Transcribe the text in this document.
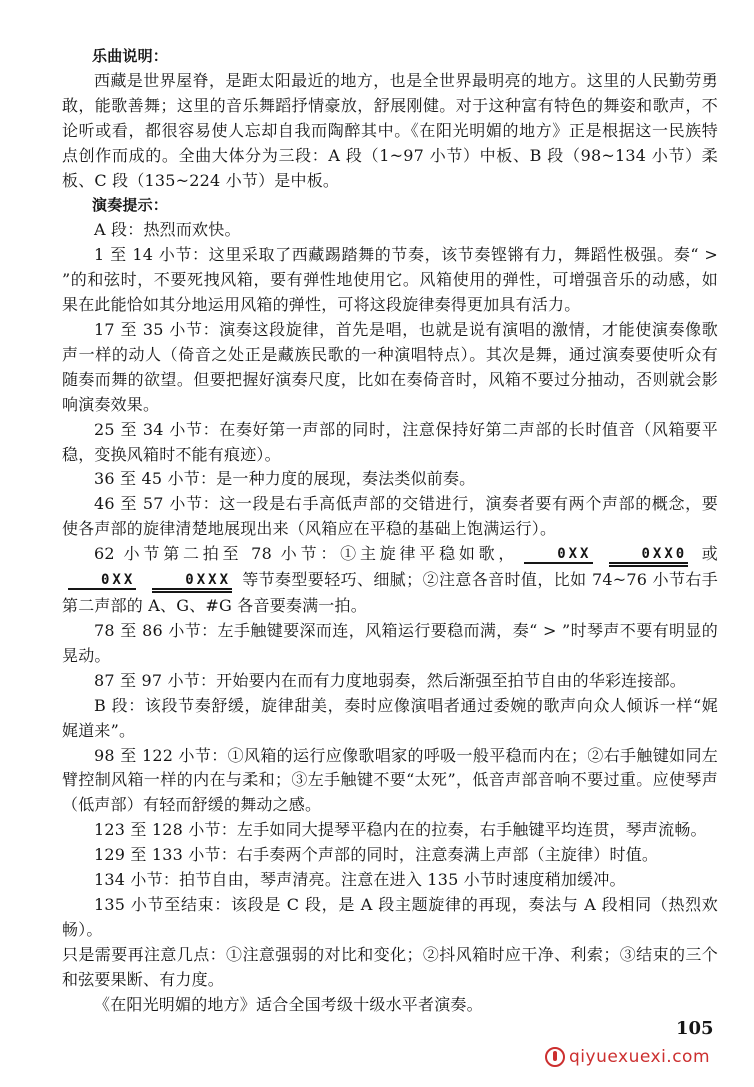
乐曲说明：

西藏是世界屋脊，是距太阳最近的地方，也是全世界最明亮的地方。这里的人民勤劳勇敢，能歌善舞；这里的音乐舞蹈抒情豪放，舒展刚健。对于这种富有特色的舞姿和歌声，不论听或看，都很容易使人忘却自我而陶醉其中。《在阳光明媚的地方》正是根据这一民族特点创作而成的。全曲大体分为三段：A 段（1~97 小节）中板、B 段（98~134 小节）柔板、C 段（135~224 小节）是中板。

演奏提示：

A 段：热烈而欢快。

1 至 14 小节：这里采取了西藏踢踏舞的节奏，该节奏铿锵有力，舞蹈性极强。奏“ > ”的和弦时，不要死拽风箱，要有弹性地使用它。风箱使用的弹性，可增强音乐的动感，如果在此能恰如其分地运用风箱的弹性，可将这段旋律奏得更加具有活力。

17 至 35 小节：演奏这段旋律，首先是唱，也就是说有演唱的激情，才能使演奏像歌声一样的动人（倚音之处正是藏族民歌的一种演唱特点）。其次是舞，通过演奏要使听众有随奏而舞的欲望。但要把握好演奏尺度，比如在奏倚音时，风箱不要过分抽动，否则就会影响演奏效果。

25 至 34 小节：在奏好第一声部的同时，注意保持好第二声部的长时值音（风箱要平稳，变换风箱时不能有痕迹）。

36 至 45 小节：是一种力度的展现，奏法类似前奏。

46 至 57 小节：这一段是右手高低声部的交错进行，演奏者要有两个声部的概念，要使各声部的旋律清楚地展现出来（风箱应在平稳的基础上饱满运行）。

62 小节第二拍至 78 小节：①主旋律平稳如歌，	0XX	0XX0 或0XX	0XXX 等节奏型要轻巧、细腻；②注意各音时值，比如 74~76 小节右手第二声部的 A、G、#G 各音要奏满一拍。

78 至 86 小节：左手触键要深而连，风箱运行要稳而满，奏“ > ”时琴声不要有明显的晃动。

87 至 97 小节：开始要内在而有力度地弱奏，然后渐强至拍节自由的华彩连接部。

B 段：该段节奏舒缓，旋律甜美，奏时应像演唱者通过委婉的歌声向众人倾诉一样“娓娓道来”。

98 至 122 小节：①风箱的运行应像歌唱家的呼吸一般平稳而内在；②右手触键如同左臂控制风箱一样的内在与柔和；③左手触键不要“太死”，低音声部音响不要过重。应使琴声（低声部）有轻而舒缓的舞动之感。

123 至 128 小节：左手如同大提琴平稳内在的拉奏，右手触键平均连贯，琴声流畅。

129 至 133 小节：右手奏两个声部的同时，注意奏满上声部（主旋律）时值。

134 小节：拍节自由，琴声清亮。注意在进入 135 小节时速度稍加缓冲。

135 小节至结束：该段是 C 段，是 A 段主题旋律的再现，奏法与 A 段相同（热烈欢畅）。

只是需要再注意几点：①注意强弱的对比和变化；②抖风箱时应干净、利索；③结束的三个和弦要果断、有力度。

《在阳光明媚的地方》适合全国考级十级水平者演奏。

105
qiyuexuexi.com
